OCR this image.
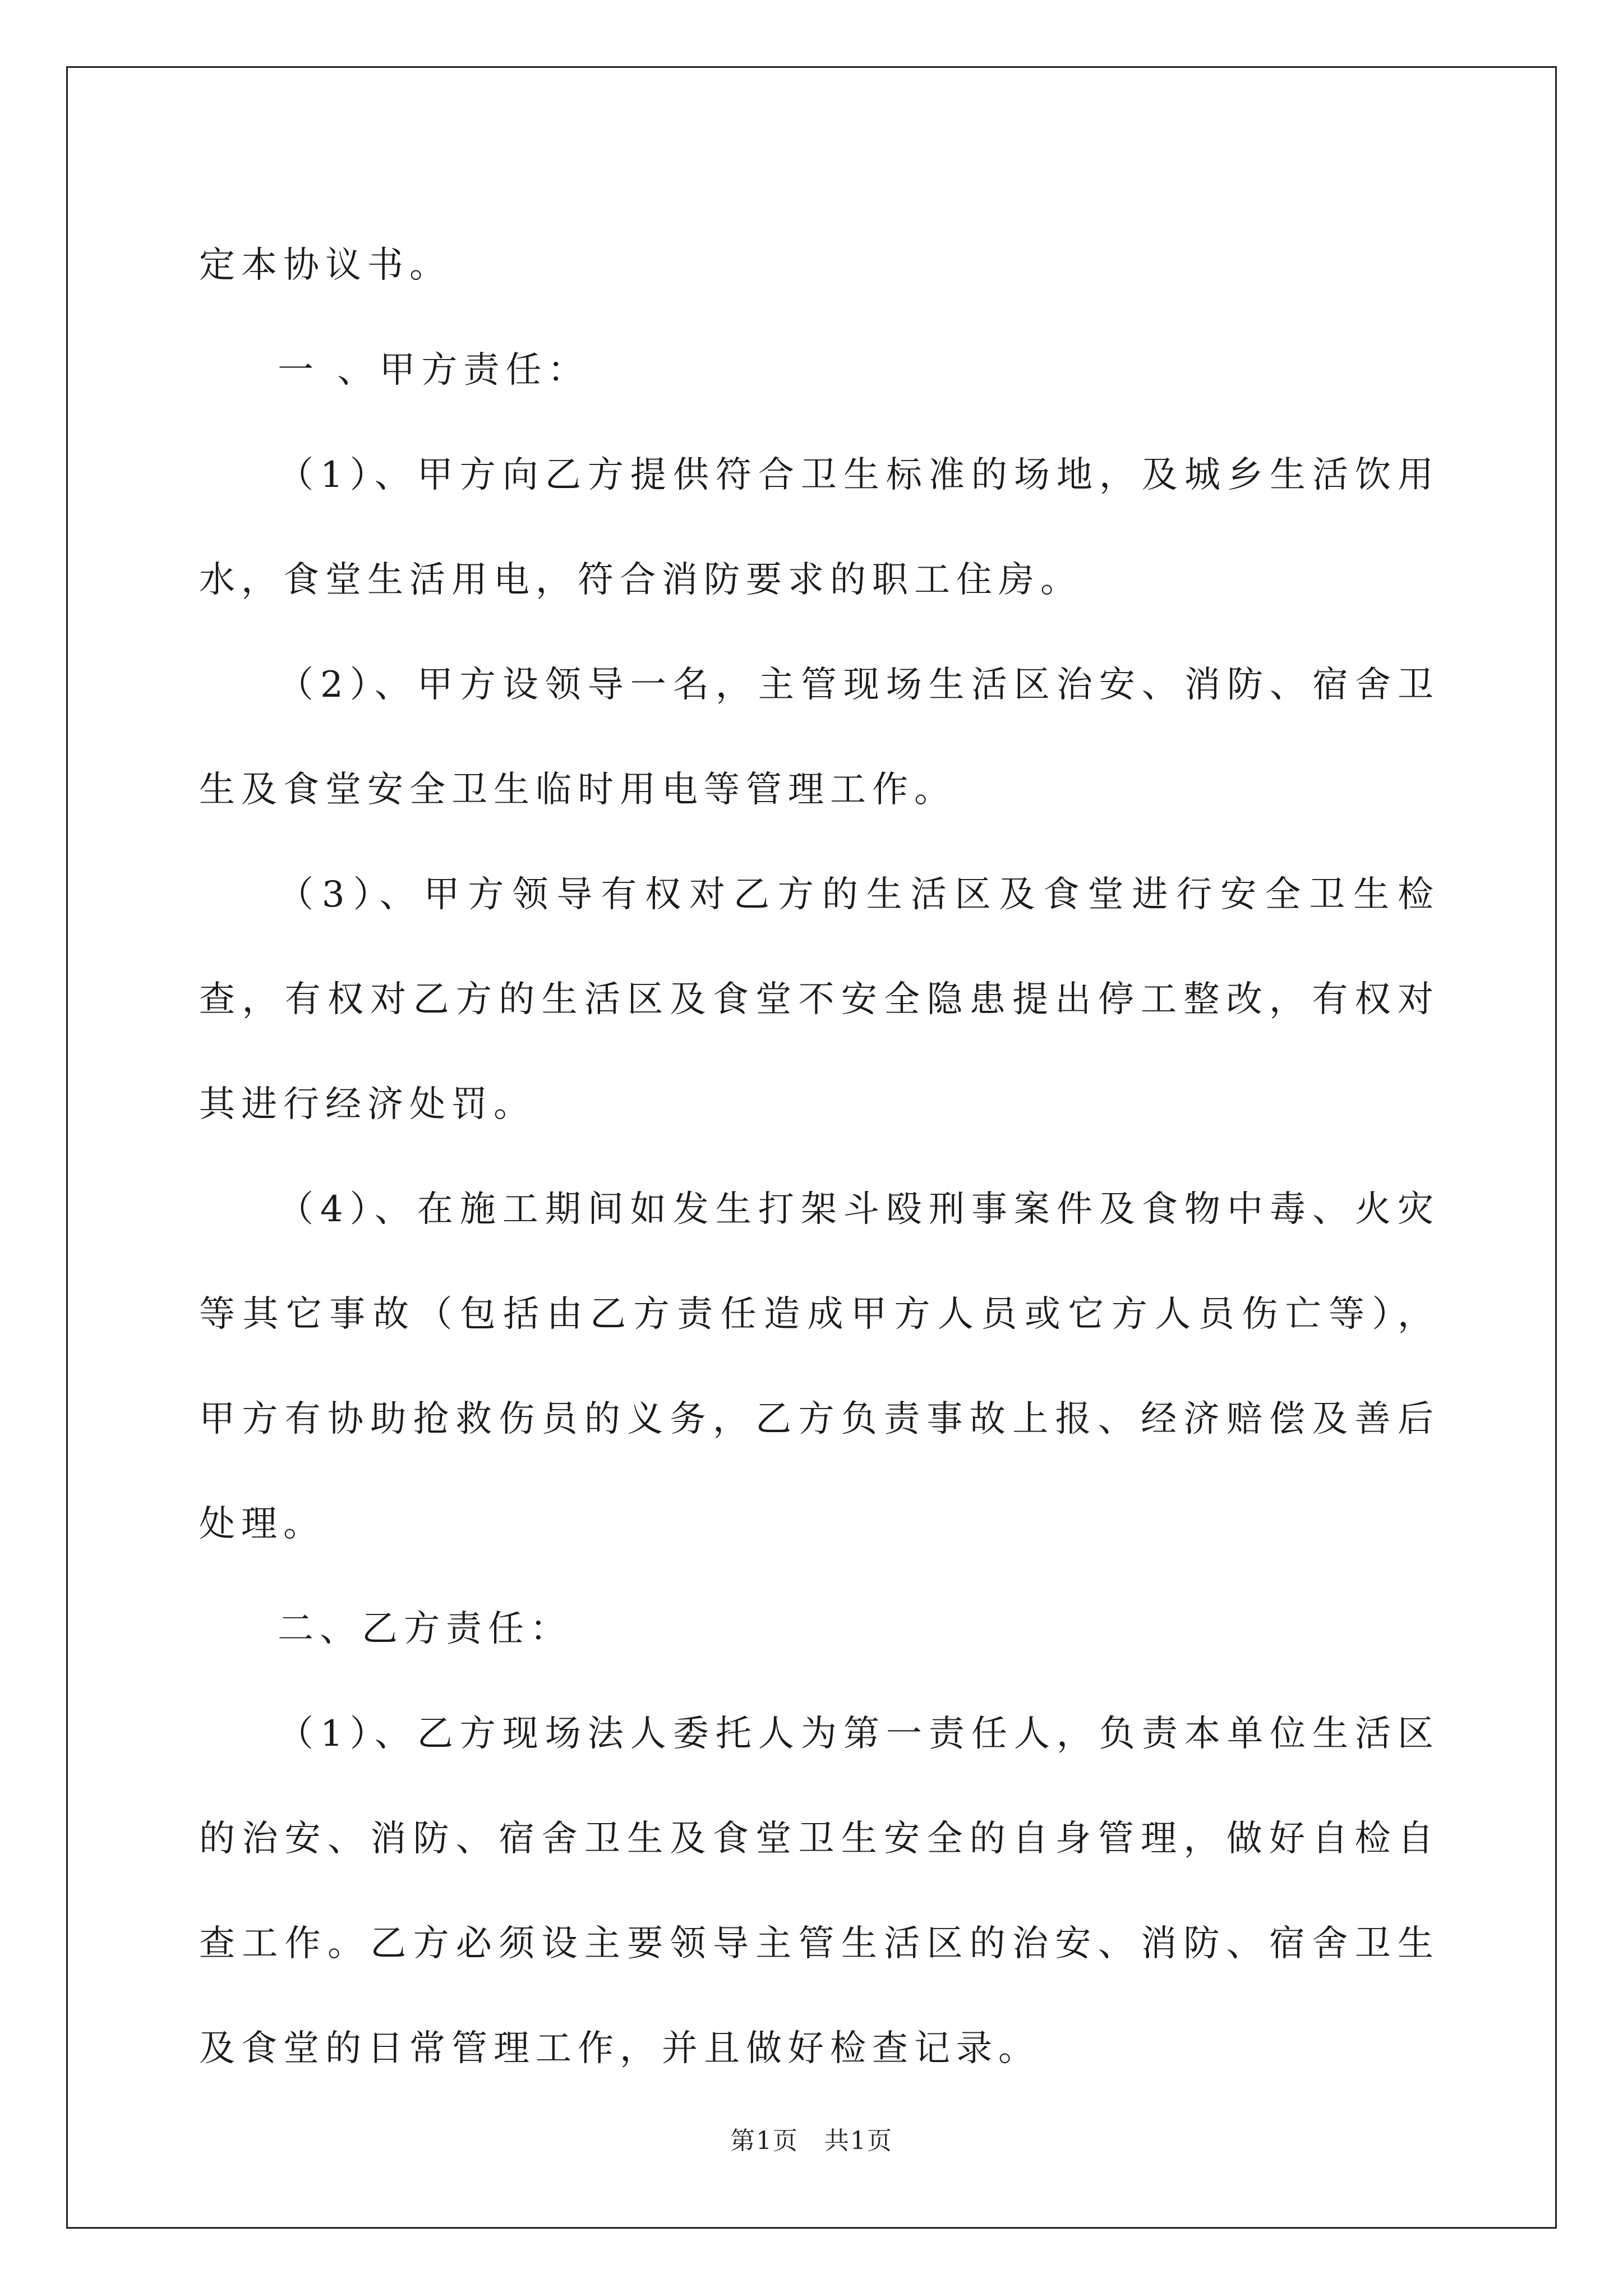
定本协议书。

一 、甲方责任：

（1）、甲方向乙方提供符合卫生标准的场地，及城乡生活饮用水，食堂生活用电，符合消防要求的职工住房。

（2）、甲方设领导一名，主管现场生活区治安、消防、宿舍卫生及食堂安全卫生临时用电等管理工作。

（3）、甲方领导有权对乙方的生活区及食堂进行安全卫生检查，有权对乙方的生活区及食堂不安全隐患提出停工整改，有权对其进行经济处罚。

（4）、在施工期间如发生打架斗殴刑事案件及食物中毒、火灾等其它事故（包括由乙方责任造成甲方人员或它方人员伤亡等），甲方有协助抢救伤员的义务，乙方负责事故上报、经济赔偿及善后处理。

二、乙方责任：

（1）、乙方现场法人委托人为第一责任人，负责本单位生活区的治安、消防、宿舍卫生及食堂卫生安全的自身管理，做好自检自查工作。乙方必须设主要领导主管生活区的治安、消防、宿舍卫生及食堂的日常管理工作，并且做好检查记录。

第1页　共1页
